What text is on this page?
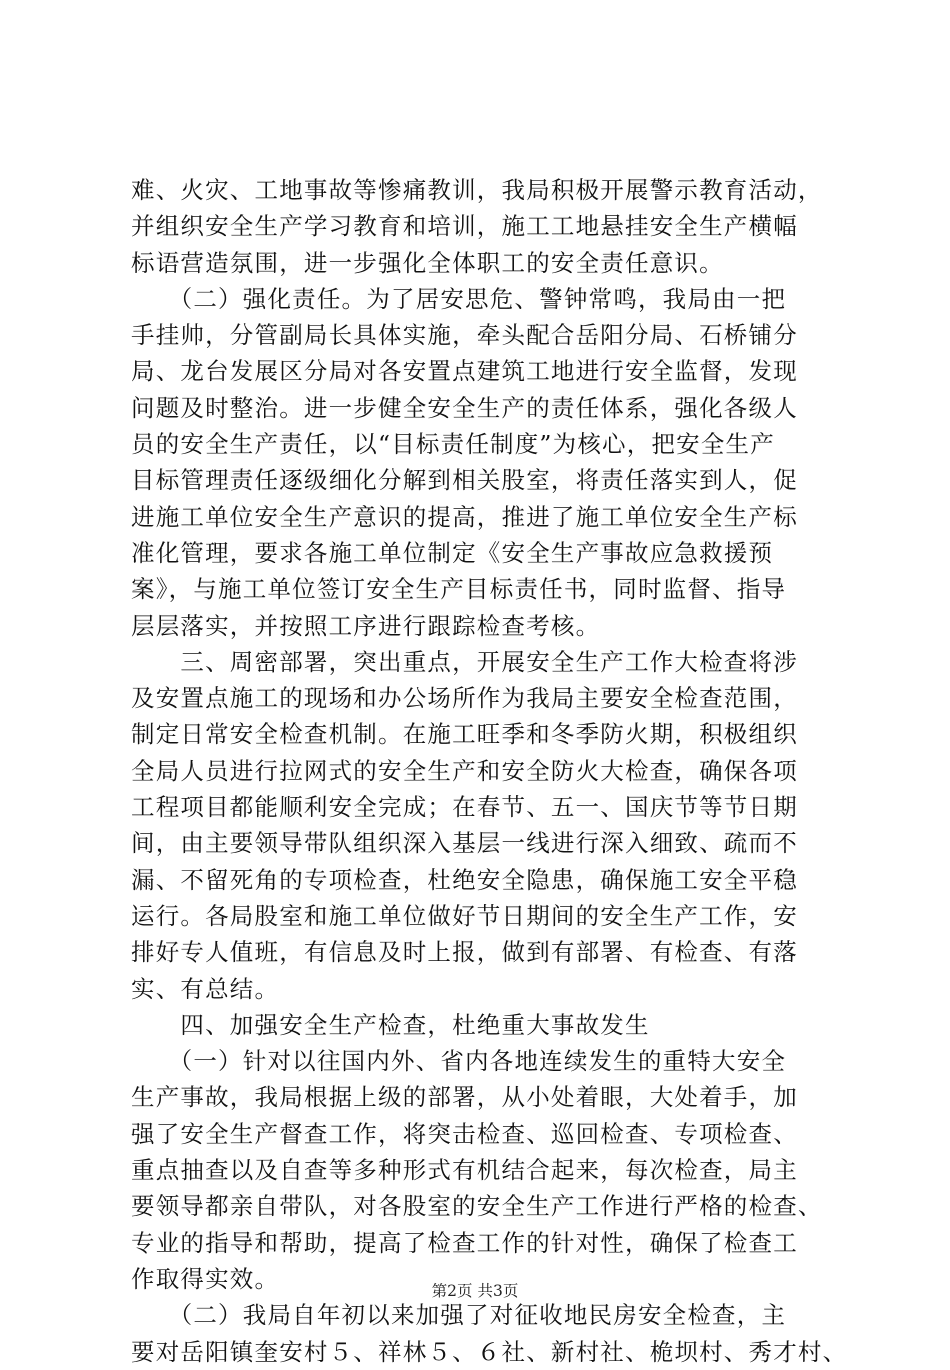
难、火灾、工地事故等惨痛教训，我局积极开展警示教育活动，
并组织安全生产学习教育和培训，施工工地悬挂安全生产横幅
标语营造氛围，进一步强化全体职工的安全责任意识。
　　（二）强化责任。为了居安思危、警钟常鸣，我局由一把
手挂帅，分管副局长具体实施，牵头配合岳阳分局、石桥铺分
局、龙台发展区分局对各安置点建筑工地进行安全监督，发现
问题及时整治。进一步健全安全生产的责任体系，强化各级人
员的安全生产责任，以“目标责任制度”为核心，把安全生产
目标管理责任逐级细化分解到相关股室，将责任落实到人，促
进施工单位安全生产意识的提高，推进了施工单位安全生产标
准化管理，要求各施工单位制定《安全生产事故应急救援预
案》，与施工单位签订安全生产目标责任书，同时监督、指导
层层落实，并按照工序进行跟踪检查考核。
　　三、周密部署，突出重点，开展安全生产工作大检查将涉
及安置点施工的现场和办公场所作为我局主要安全检查范围，
制定日常安全检查机制。在施工旺季和冬季防火期，积极组织
全局人员进行拉网式的安全生产和安全防火大检查，确保各项
工程项目都能顺利安全完成；在春节、五一、国庆节等节日期
间，由主要领导带队组织深入基层一线进行深入细致、疏而不
漏、不留死角的专项检查，杜绝安全隐患，确保施工安全平稳
运行。各局股室和施工单位做好节日期间的安全生产工作，安
排好专人值班，有信息及时上报，做到有部署、有检查、有落
实、有总结。
　　四、加强安全生产检查，杜绝重大事故发生
　　（一）针对以往国内外、省内各地连续发生的重特大安全
生产事故，我局根据上级的部署，从小处着眼，大处着手，加
强了安全生产督查工作，将突击检查、巡回检查、专项检查、
重点抽查以及自查等多种形式有机结合起来，每次检查，局主
要领导都亲自带队，对各股室的安全生产工作进行严格的检查、
专业的指导和帮助，提高了检查工作的针对性，确保了检查工
作取得实效。
　　（二）我局自年初以来加强了对征收地民房安全检查，主
要对岳阳镇奎安村５、祥林５、６社、新村社、桅坝村、秀才村、
第2页 共3页
